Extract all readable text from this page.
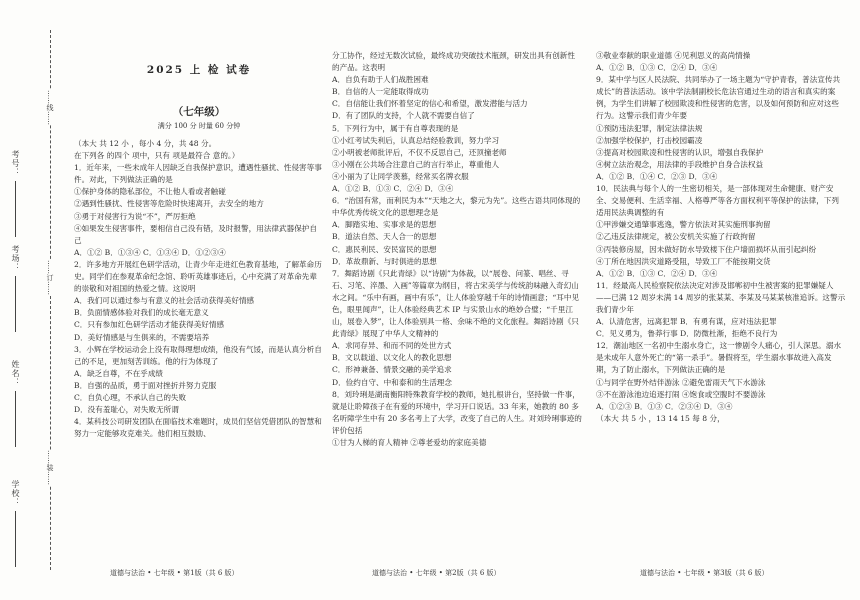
……线……
……订……
……装……
考号：
考场：
姓名：
学校：
2025 上 检 试卷
（七年级）
满分 100 分 时量 60 分钟

（本大 共 12 小 ，每小 4 分，共 48 分。

在下列各 的四个 项中，只有 项是最符合 意的。）

1．近年来，一些未成年人因缺乏自我保护意识，遭遇性骚扰、性侵害等事件。对此，下列做法正确的是

①保护身体的隐私部位，不让他人看或者触碰

②遇到性骚扰、性侵害等危险时快速离开，去安全的地方

③勇于对侵害行为说“不”，严厉拒绝

④如果发生侵害事件，要相信自己没有错，及时报警，用法律武器保护自己

A．①② B．①③④ C．①③④ D．①②③④

2．许多地方开展红色研学活动，让青少年走进红色教育基地，了解革命历史。同学们在参观革命纪念馆、聆听英雄事迹后，心中充满了对革命先辈的崇敬和对祖国的热爱之情。这说明

A．我们可以通过参与有意义的社会活动获得美好情感

B．负面情感体验对我们的成长毫无意义

C．只有参加红色研学活动才能获得美好情感

D．美好情感是与生俱来的，不需要培养

3．小辉在学校运动会上没有取得理想成绩，他没有气馁，而是认真分析自己的不足，更加刻苦训练。他的行为体现了

A．缺乏自尊，不在乎成绩

B．自强的品质，勇于面对挫折并努力克服

C．自负心理，不承认自己的失败

D．没有羞耻心，对失败无所谓

4．某科技公司研发团队在面临技术难题时，成员们坚信凭借团队的智慧和努力一定能够攻克难关。他们相互鼓励、

分工协作，经过无数次试验，最终成功突破技术瓶颈，研发出具有创新性的产品。这表明

A．自负有助于人们战胜困难

B．自信的人一定能取得成功

C．自信能让我们怀着坚定的信心和希望，激发潜能与活力

D．有了团队的支持，个人就不需要自信了

5．下列行为中，属于有自尊表现的是

①小红考试失利后，认真总结经验教训，努力学习

②小明被老师批评后，不仅不反思自己，还顶撞老师

③小刚在公共场合注意自己的言行举止，尊重他人

④小丽为了让同学羡慕，经常买名牌衣服

A．①② B．①③ C．②④ D．③④

6．“治国有常，而利民为本”“天地之大，黎元为先”。这些古语共同体现的中华优秀传统文化的思想理念是

A．脚踏实地、实事求是的思想

B．道法自然、天人合一的思想

C．惠民利民、安民富民的思想

D．革故鼎新、与时俱进的思想

7．舞蹈诗剧《只此青绿》以“诗剧”为体裁，以“展卷、问篆、唱丝、寻石、习笔、淬墨、入画”等篇章为纲目，将古宋美学与传统韵味融入奇幻山水之间。“乐中有画，画中有乐”，让人体验穿越千年的诗情画意；“耳中见色，眼里闻声”，让人体验经典艺术 IP 与实景山水的绝妙合璧；“千里江山，展卷入梦”，让人体验别具一格、余味不绝的文化旅程。舞蹈诗剧《只此青绿》展现了中华人文精神的

A．求同存异、和而不同的处世方式

B．文以载道、以文化人的教化思想

C．形神兼备、情景交融的美学追求

D．俭约自守、中和泰和的生活理念

8．刘玲琍是湖南衡阳特殊教育学校的教师，她扎根讲台，坚持做一件事，就是让聆障孩子在有爱的环境中，学习开口说话。33 年来，她教的 80 多名听障学生中有 20 多名考上了大学，改变了自己的人生。对刘玲琍事迹的评价包括

①甘为人梯的育人精神 ②尊老爱幼的家庭美德

③敬业奉献的职业道德 ④见利思义的高尚情操

A．①② B．①③ C．②④ D．③④

9．某中学与区人民法院、共同举办了一场主题为“守护青春，普法宣传共成长”的普法活动。该中学法制副校长危法官通过生动的语言和真实的案例，为学生们讲解了校园欺凌和性侵害的危害，以及如何预防和应对这些行为。这警示我们青少年要

①预防违法犯罪，制定法律法规

②加强学校保护，打击校园霸凌

③提高对校园欺凌和性侵害的认识，增强自我保护

④树立法治观念，用法律的手段维护自身合法权益

A．①② B．①④ C．②③ D．③④

10．民法典与每个人的一生密切相关，是一部体现对生命健康、财产安全、交易便利、生活幸福、人格尊严等各方面权利平等保护的法律，下列适用民法典调整的有

①甲涉嫌交通肇事逃逸，警方依法对其实施刑事拘留

②乙违反法律规定，被公安机关实施了行政拘留

③丙装修房屋，因未做好防水导致楼下住户墙面损坏从而引起纠纷

④丁所在地因洪灾道路受阻，导致工厂不能按期交货

A．①② B．①③ C．②④ D．③④

11．经最高人民检察院依法决定对涉及邯郸初中生被害案的犯罪嫌疑人——已满 12 周岁未满 14 周岁的张某某、李某及马某某核准追诉。这警示我们青少年

A．认清危害，远离犯罪 B．有勇有谋，应对违法犯罪

C．见义勇为，鲁莽行事 D．防微杜渐，拒绝不良行为

12．潮汕地区一名初中生溺水身亡，这一惨剧令人痛心，引人深思。溺水是未成年人意外死亡的“第一杀手”。暑假将至，学生溺水事故进入高发期，为了防止溺水，下列做法正确的是

①与同学在野外结伴游泳 ②避免雷雨天气下水游泳

③不在游泳池边追逐打闹 ④饱食或空腹时不要游泳

A．①②③ B．①③ C．②③④ D．③④

（本大 共 5 小 ，13 14 15 每 8 分，

道德与法治 • 七年级 • 第1版（共 6 版）	道德与法治 • 七年级 • 第2版（共 6 版）	道德与法治 • 七年级 • 第3版（共 6 版）
